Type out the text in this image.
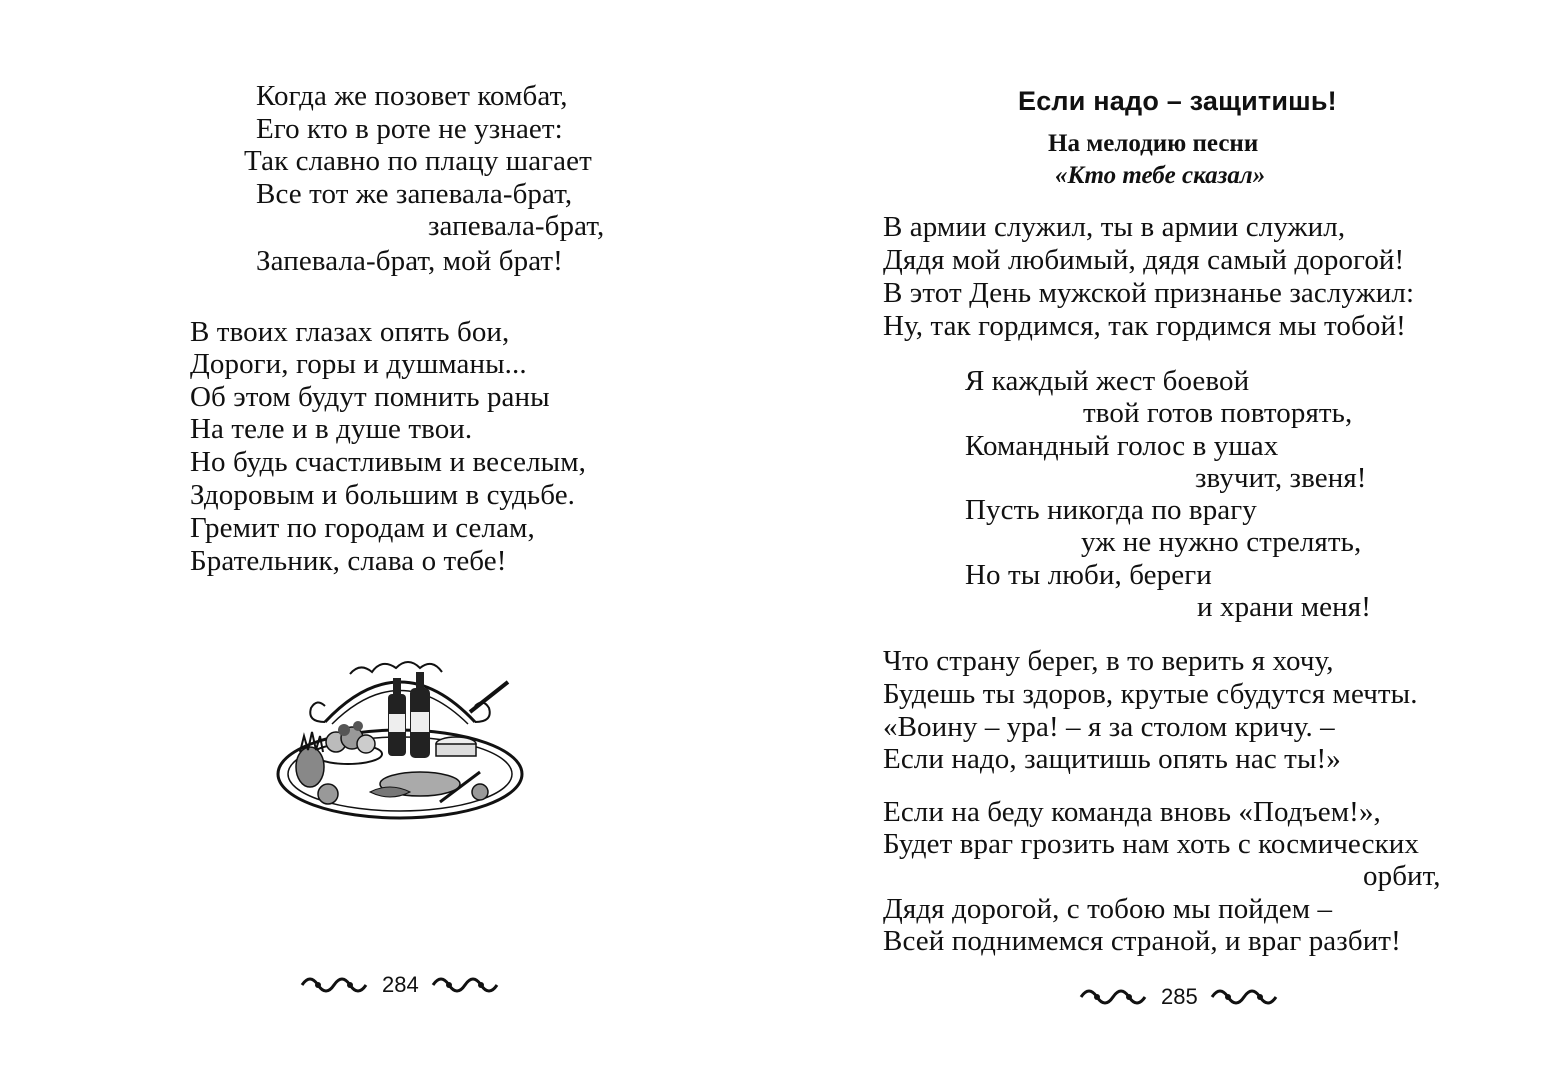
Когда же позовет комбат,
Его кто в роте не узнает:
Так славно по плацу шагает
Все тот же запевала-брат,
запевала-брат,
Запевала-брат, мой брат!
В твоих глазах опять бои,
Дороги, горы и душманы...
Об этом будут помнить раны
На теле и в душе твои.
Но будь счастливым и веселым,
Здоровым и большим в судьбе.
Гремит по городам и селам,
Брательник, слава о тебе!
284
Если надо – защитишь!
На мелодию песни
«Кто тебе сказал»
В армии служил, ты в армии служил,
Дядя мой любимый, дядя самый дорогой!
В этот День мужской признанье заслужил:
Ну, так гордимся, так гордимся мы тобой!
Я каждый жест боевой
твой готов повторять,
Командный голос в ушах
звучит, звеня!
Пусть никогда по врагу
уж не нужно стрелять,
Но ты люби, береги
и храни меня!
Что страну берег, в то верить я хочу,
Будешь ты здоров, крутые сбудутся мечты.
«Воину – ура! – я за столом кричу. –
Если надо, защитишь опять нас ты!»
Если на беду команда вновь «Подъем!»,
Будет враг грозить нам хоть с космических
орбит,
Дядя дорогой, с тобою мы пойдем –
Всей поднимемся страной, и враг разбит!
285
